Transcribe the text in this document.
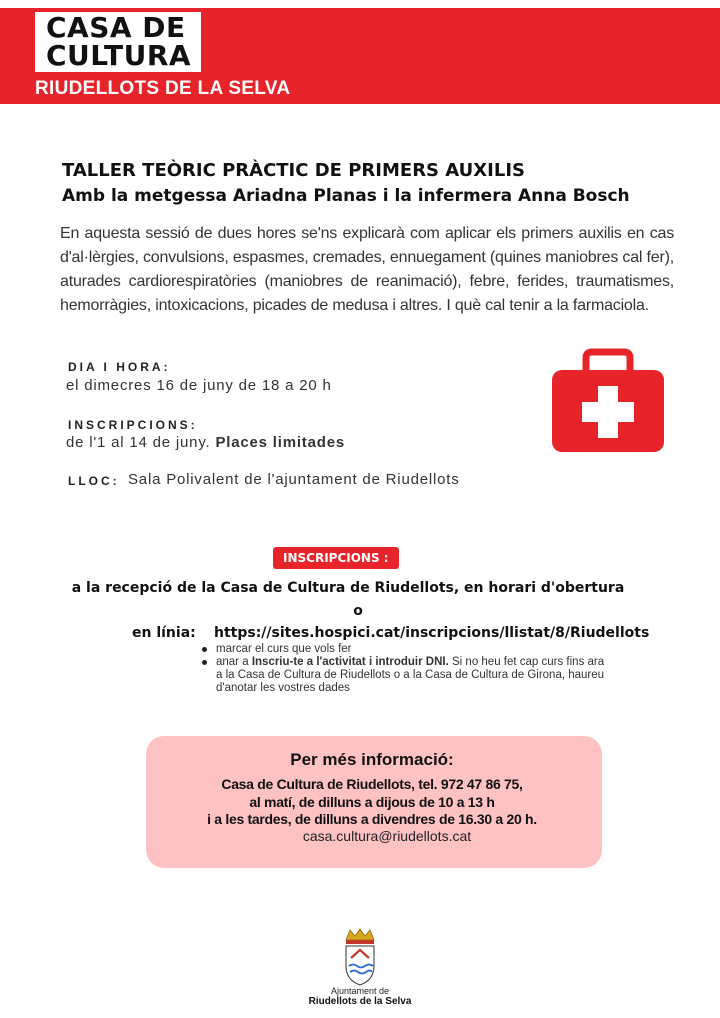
CASA DE
CULTURA
RIUDELLOTS DE LA SELVA
TALLER TEÒRIC PRÀCTIC DE PRIMERS AUXILIS
Amb la metgessa Ariadna Planas i la infermera Anna Bosch
En aquesta sessió de dues hores se'ns explicarà com aplicar els primers auxilis en cas d'al·lèrgies, convulsions, espasmes, cremades, ennuegament (quines maniobres cal fer), aturades cardiorespiratòries (maniobres de reanimació), febre, ferides, traumatismes, hemorràgies, intoxicacions, picades de medusa i altres. I què cal tenir a la farmaciola.
DIA I HORA:
el dimecres 16 de juny de 18 a 20 h
INSCRIPCIONS:
de l'1 al 14 de juny. Places limitades
LLOC: Sala Polivalent de l'ajuntament de Riudellots
INSCRIPCIONS :
a la recepció de la Casa de Cultura de Riudellots, en horari d'obertura
o
en línia: https://sites.hospici.cat/inscripcions/llistat/8/Riudellots
marcar el curs que vols fer
anar a Inscriu-te a l'activitat i introduir DNI. Si no heu fet cap curs fins ara a la Casa de Cultura de Riudellots o a la Casa de Cultura de Girona, haureu d'anotar les vostres dades
Per més informació:
Casa de Cultura de Riudellots, tel. 972 47 86 75,
al matí, de dilluns a dijous de 10 a 13 h
i a les tardes, de dilluns a divendres de 16.30 a 20 h.
casa.cultura@riudellots.cat
Ajuntament de
Riudellots de la Selva
